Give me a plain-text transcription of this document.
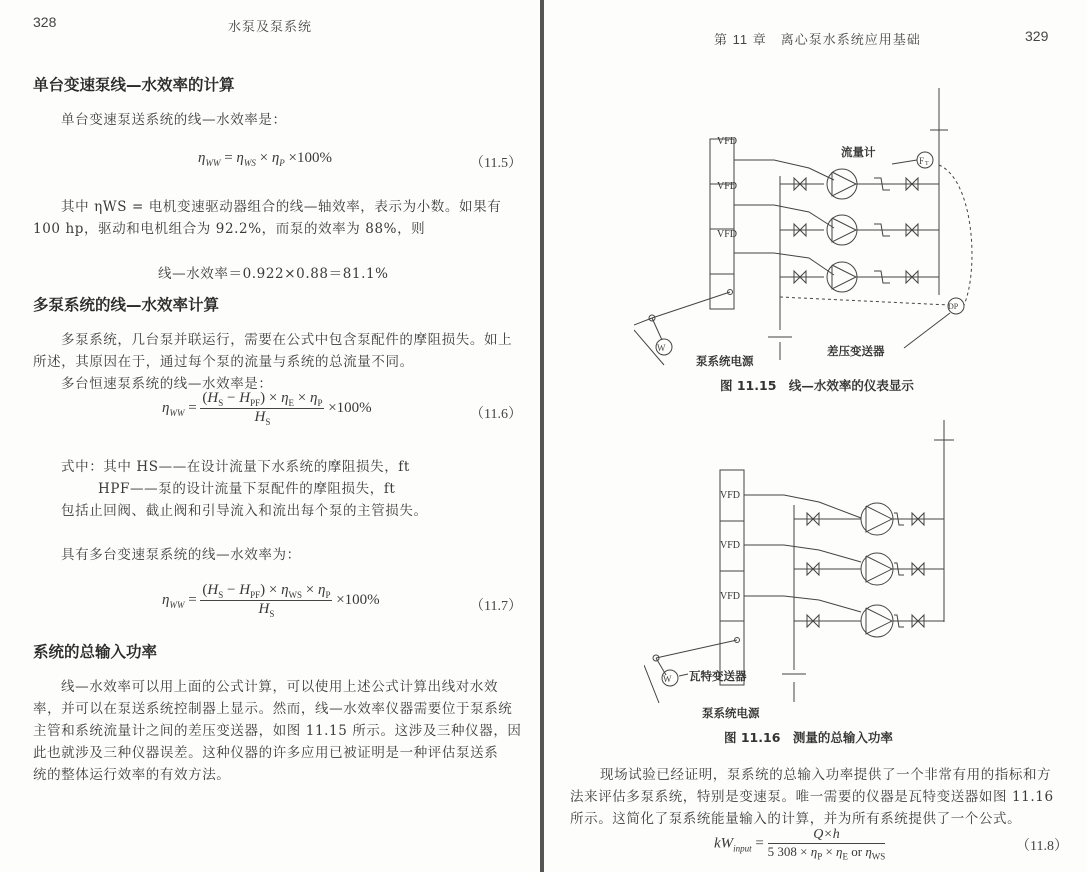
328	水泵及泵系统
单台变速泵线—水效率的计算
单台变速泵送系统的线—水效率是：
$\eta_{WW} = \eta_{WS} \times \eta_P \times 100\%$	（11.5）
其中 ηWS = 电机变速驱动器组合的线—轴效率，表示为小数。如果有
100 hp，驱动和电机组合为 92.2%，而泵的效率为 88%，则
线—水效率＝0.922×0.88＝81.1%
多泵系统的线—水效率计算
多泵系统，几台泵并联运行，需要在公式中包含泵配件的摩阻损失。如上
所述，其原因在于，通过每个泵的流量与系统的总流量不同。
多台恒速泵系统的线—水效率是：
$\eta_{WW} = \frac{(H_S - H_{PF}) \times \eta_E \times \eta_P}{H_S} \times 100\%$	（11.6）
式中：其中 HS——在设计流量下水系统的摩阻损失，ft
HPF——泵的设计流量下泵配件的摩阻损失，ft
包括止回阀、截止阀和引导流入和流出每个泵的主管损失。
具有多台变速泵系统的线—水效率为：
$\eta_{WW} = \frac{(H_S - H_{PF}) \times \eta_{WS} \times \eta_P}{H_S} \times 100\%$	（11.7）
系统的总输入功率
线—水效率可以用上面的公式计算，可以使用上述公式计算出线对水效
率，并可以在泵送系统控制器上显示。然而，线—水效率仪器需要位于泵系统
主管和系统流量计之间的差压变送器，如图 11.15 所示。这涉及三种仪器，因
此也就涉及三种仪器误差。这种仪器的许多应用已被证明是一种评估泵送系
统的整体运行效率的有效方法。
第 11 章　离心泵水系统应用基础	329
F T
DP
W
VFD
VFD
VFD
流量计
差压变送器
泵系统电源
图 11.15　线—水效率的仪表显示
W
VFD
VFD
VFD
瓦特变送器
泵系统电源
图 11.16　测量的总输入功率
现场试验已经证明，泵系统的总输入功率提供了一个非常有用的指标和方
法来评估多泵系统，特别是变速泵。唯一需要的仪器是瓦特变送器如图 11.16
所示。这简化了泵系统能量输入的计算，并为所有系统提供了一个公式。
$kW_{input} = \frac{Q\times h}{5 308 \times \eta_P \times \eta_E or \eta_{WS}}$	（11.8）
